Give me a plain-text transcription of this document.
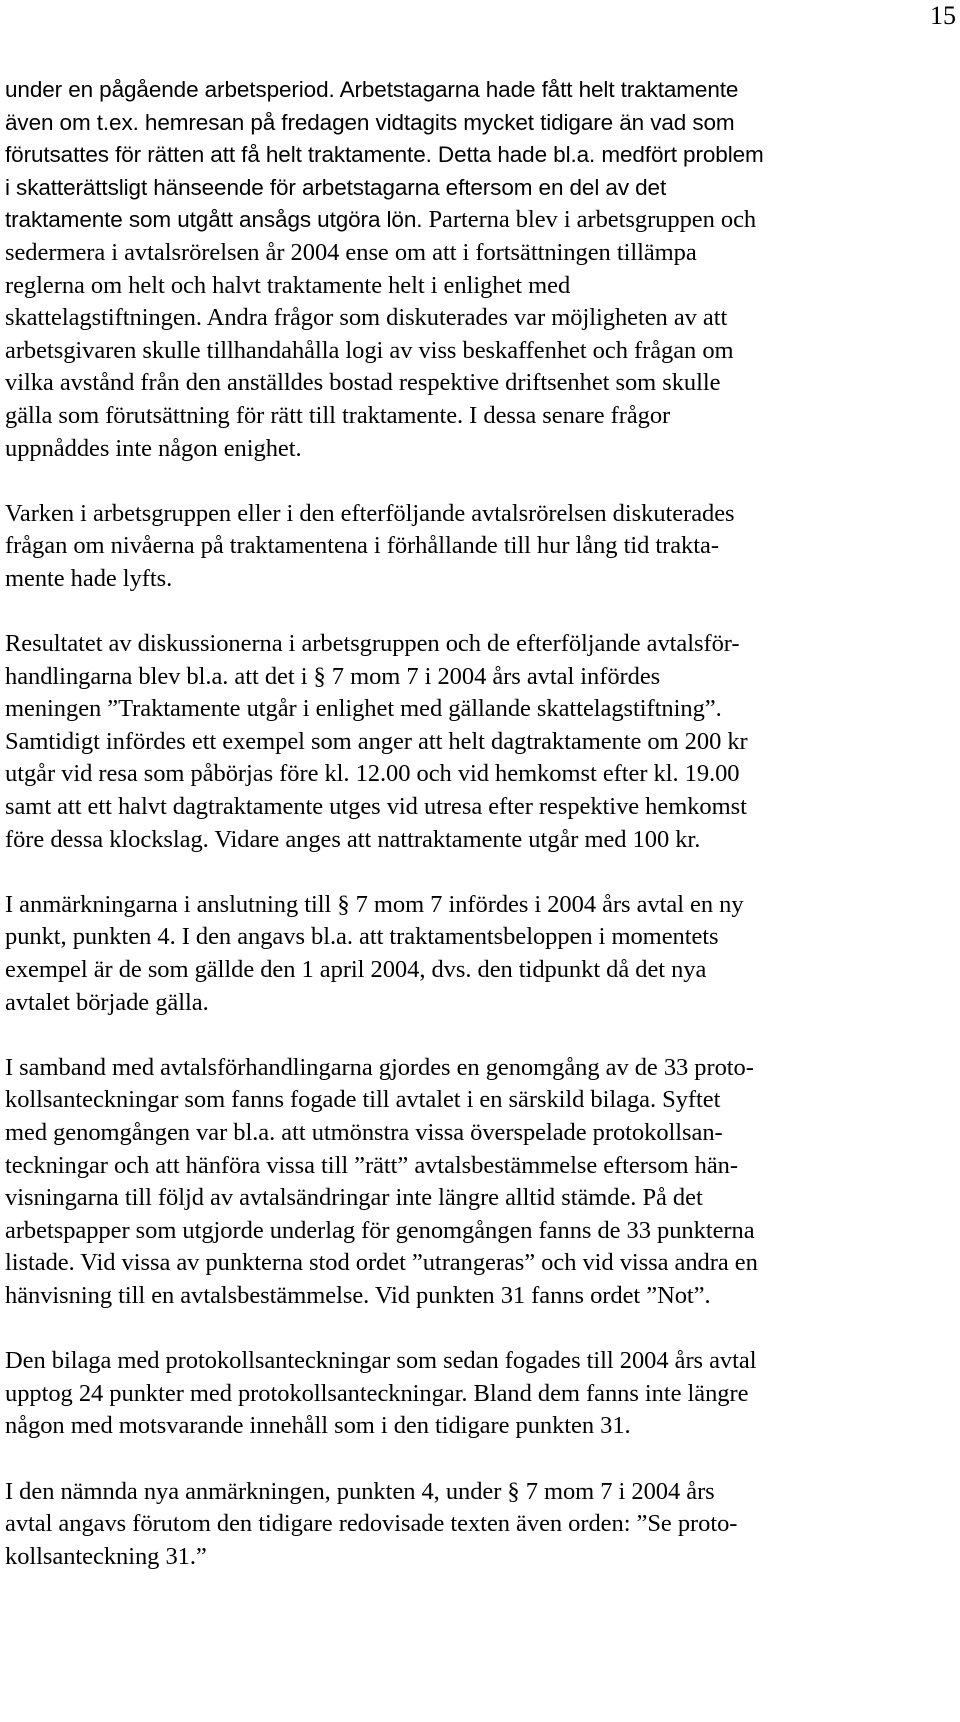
15

under en pågående arbetsperiod. Arbetstagarna hade fått helt traktamente
även om t.ex. hemresan på fredagen vidtagits mycket tidigare än vad som
förutsattes för rätten att få helt traktamente. Detta hade bl.a. medfört problem
i skatterättsligt hänseende för arbetstagarna eftersom en del av det
traktamente som utgått ansågs utgöra lön. Parterna blev i arbetsgruppen och
sedermera i avtalsrörelsen år 2004 ense om att i fortsättningen tillämpa
reglerna om helt och halvt traktamente helt i enlighet med
skattelagstiftningen. Andra frågor som diskuterades var möjligheten av att
arbetsgivaren skulle tillhandahålla logi av viss beskaffenhet och frågan om
vilka avstånd från den anställdes bostad respektive driftsenhet som skulle
gälla som förutsättning för rätt till traktamente. I dessa senare frågor
uppnåddes inte någon enighet.

Varken i arbetsgruppen eller i den efterföljande avtalsrörelsen diskuterades
frågan om nivåerna på traktamentena i förhållande till hur lång tid trakta-
mente hade lyfts.

Resultatet av diskussionerna i arbetsgruppen och de efterföljande avtalsför-
handlingarna blev bl.a. att det i § 7 mom 7 i 2004 års avtal infördes
meningen ”Traktamente utgår i enlighet med gällande skattelagstiftning”.
Samtidigt infördes ett exempel som anger att helt dagtraktamente om 200 kr
utgår vid resa som påbörjas före kl. 12.00 och vid hemkomst efter kl. 19.00
samt att ett halvt dagtraktamente utges vid utresa efter respektive hemkomst
före dessa klockslag. Vidare anges att nattraktamente utgår med 100 kr.

I anmärkningarna i anslutning till § 7 mom 7 infördes i 2004 års avtal en ny
punkt, punkten 4. I den angavs bl.a. att traktamentsbeloppen i momentets
exempel är de som gällde den 1 april 2004, dvs. den tidpunkt då det nya
avtalet började gälla.

I samband med avtalsförhandlingarna gjordes en genomgång av de 33 proto-
kollsanteckningar som fanns fogade till avtalet i en särskild bilaga. Syftet
med genomgången var bl.a. att utmönstra vissa överspelade protokollsan-
teckningar och att hänföra vissa till ”rätt” avtalsbestämmelse eftersom hän-
visningarna till följd av avtalsändringar inte längre alltid stämde. På det
arbetspapper som utgjorde underlag för genomgången fanns de 33 punkterna
listade. Vid vissa av punkterna stod ordet ”utrangeras” och vid vissa andra en
hänvisning till en avtalsbestämmelse. Vid punkten 31 fanns ordet ”Not”.

Den bilaga med protokollsanteckningar som sedan fogades till 2004 års avtal
upptog 24 punkter med protokollsanteckningar. Bland dem fanns inte längre
någon med motsvarande innehåll som i den tidigare punkten 31.

I den nämnda nya anmärkningen, punkten 4, under § 7 mom 7 i 2004 års
avtal angavs förutom den tidigare redovisade texten även orden: ”Se proto-
kollsanteckning 31.”
